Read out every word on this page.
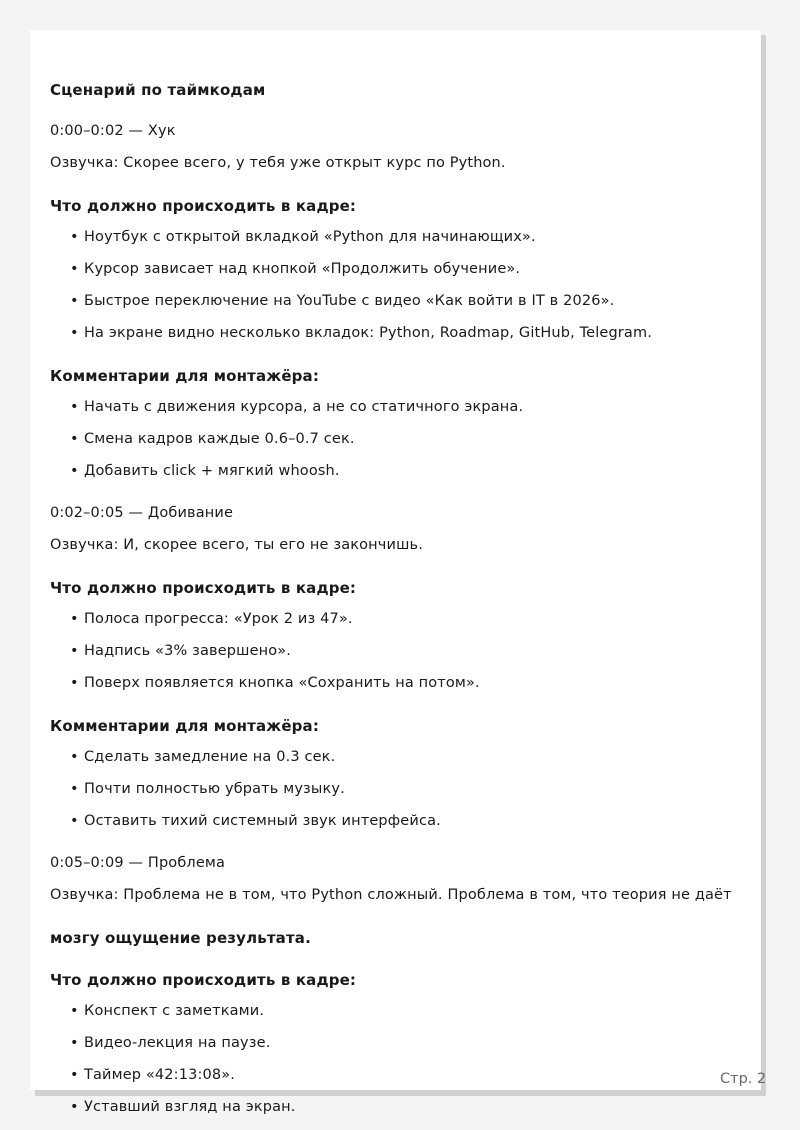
Сценарий по таймкодам
0:00–0:02 — Хук
Озвучка: Скорее всего, у тебя уже открыт курс по Python.
Что должно происходить в кадре:
• Ноутбук с открытой вкладкой «Python для начинающих».
• Курсор зависает над кнопкой «Продолжить обучение».
• Быстрое переключение на YouTube с видео «Как войти в IT в 2026».
• На экране видно несколько вкладок: Python, Roadmap, GitHub, Telegram.
Комментарии для монтажёра:
• Начать с движения курсора, а не со статичного экрана.
• Смена кадров каждые 0.6–0.7 сек.
• Добавить click + мягкий whoosh.
0:02–0:05 — Добивание
Озвучка: И, скорее всего, ты его не закончишь.
Что должно происходить в кадре:
• Полоса прогресса: «Урок 2 из 47».
• Надпись «3% завершено».
• Поверх появляется кнопка «Сохранить на потом».
Комментарии для монтажёра:
• Сделать замедление на 0.3 сек.
• Почти полностью убрать музыку.
• Оставить тихий системный звук интерфейса.
0:05–0:09 — Проблема
Озвучка: Проблема не в том, что Python сложный. Проблема в том, что теория не даёт
мозгу ощущение результата.
Что должно происходить в кадре:
• Конспект с заметками.
• Видео-лекция на паузе.
• Таймер «42:13:08».
• Уставший взгляд на экран.
Стр. 2
